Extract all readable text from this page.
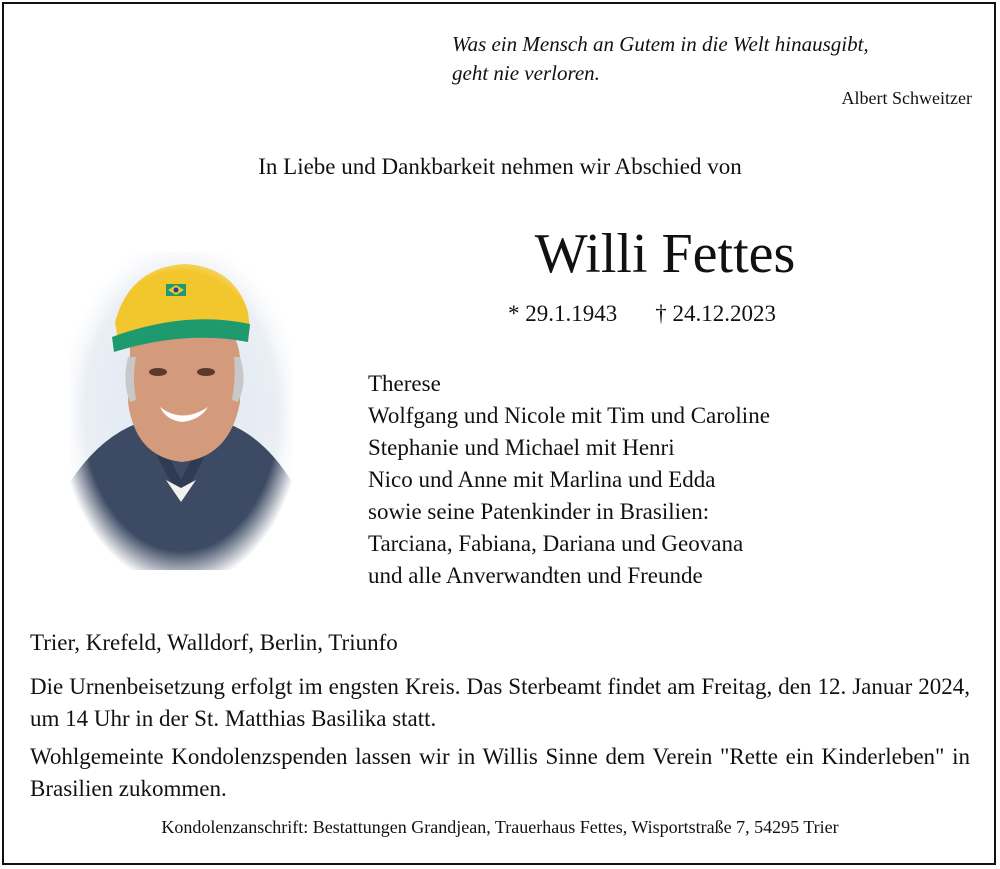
Was ein Mensch an Gutem in die Welt hinausgibt,
geht nie verloren.
Albert Schweitzer
In Liebe und Dankbarkeit nehmen wir Abschied von
Willi Fettes
* 29.1.1943 † 24.12.2023
Therese
Wolfgang und Nicole mit Tim und Caroline
Stephanie und Michael mit Henri
Nico und Anne mit Marlina und Edda
sowie seine Patenkinder in Brasilien:
Tarciana, Fabiana, Dariana und Geovana
und alle Anverwandten und Freunde
Trier, Krefeld, Walldorf, Berlin, Triunfo
Die Urnenbeisetzung erfolgt im engsten Kreis. Das Sterbeamt findet am Freitag, den 12. Januar 2024, um 14 Uhr in der St. Matthias Basilika statt.
Wohlgemeinte Kondolenzspenden lassen wir in Willis Sinne dem Verein "Rette ein Kinderleben" in Brasilien zukommen.
Kondolenzanschrift: Bestattungen Grandjean, Trauerhaus Fettes, Wisportstraße 7, 54295 Trier
